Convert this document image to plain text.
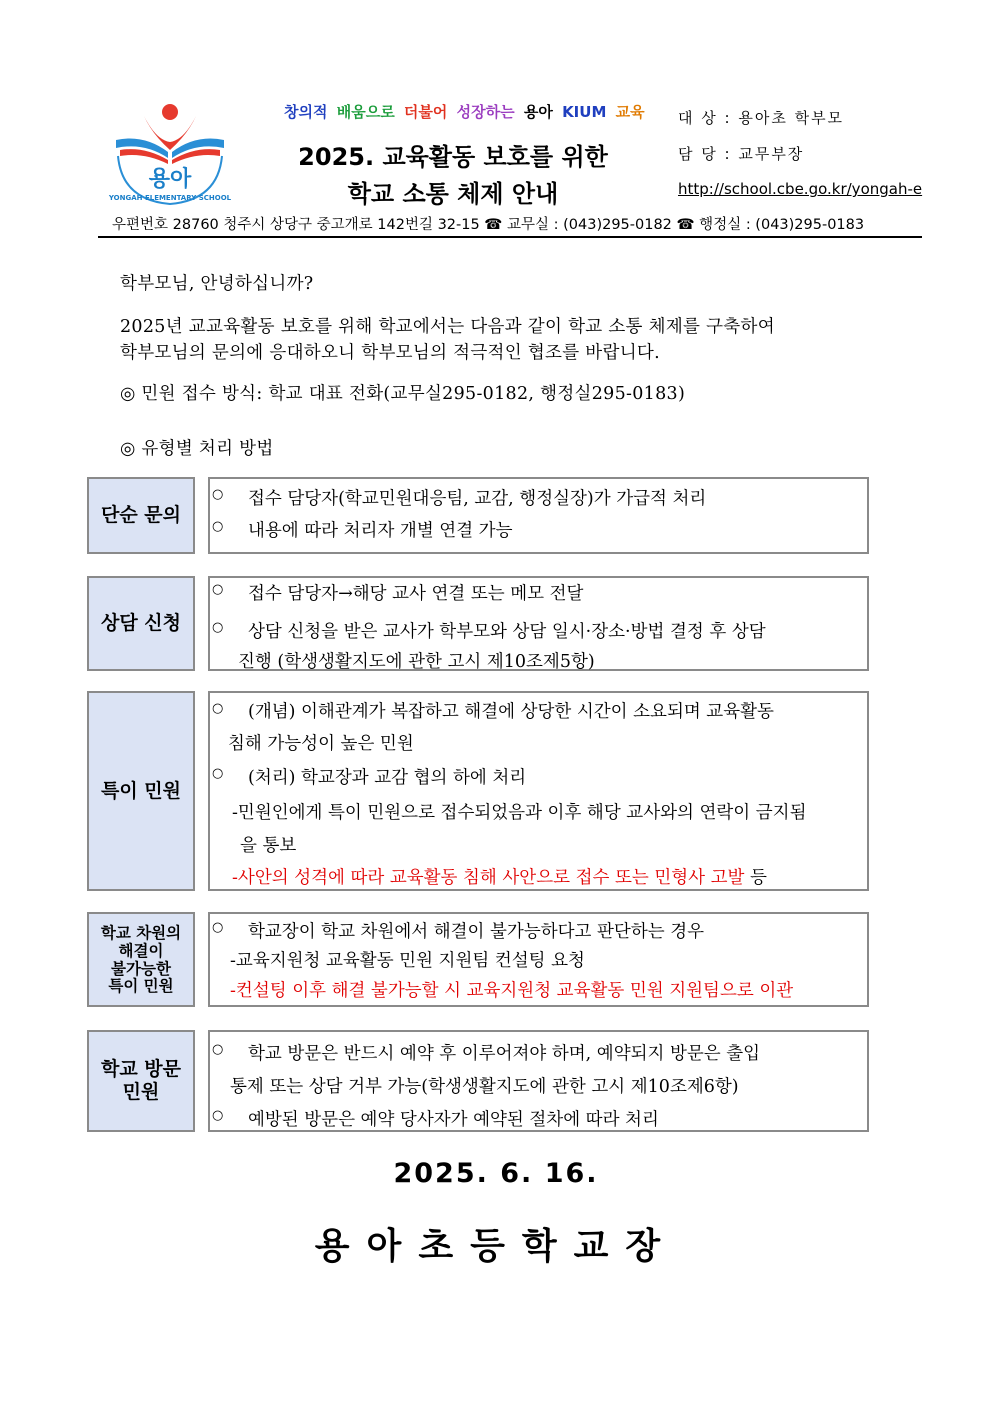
용아
YONGAH ELEMENTARY SCHOOL
창의적 배움으로 더불어 성장하는 용아 KIUM 교육
2025. 교육활동 보호를 위한
학교 소통 체제 안내
대 상 : 용아초 학부모
담 당 : 교무부장
http://school.cbe.go.kr/yongah-e
우편번호 28760 청주시 상당구 중고개로 142번길 32-15 ☎ 교무실 : (043)295-0182 ☎ 행정실 : (043)295-0183
학부모님, 안녕하십니까?
2025년 교교육활동 보호를 위해 학교에서는 다음과 같이 학교 소통 체제를 구축하여
학부모님의 문의에 응대하오니 학부모님의 적극적인 협조를 바랍니다.
◎ 민원 접수 방식: 학교 대표 전화(교무실295-0182, 행정실295-0183)
◎ 유형별 처리 방법
단순 문의
○ 접수 담당자(학교민원대응팀, 교감, 행정실장)가 가급적 처리
○ 내용에 따라 처리자 개별 연결 가능
상담 신청
○ 접수 담당자→해당 교사 연결 또는 메모 전달
○ 상담 신청을 받은 교사가 학부모와 상담 일시·장소·방법 결정 후 상담
진행 (학생생활지도에 관한 고시 제10조제5항)
특이 민원
○ (개념) 이해관계가 복잡하고 해결에 상당한 시간이 소요되며 교육활동
침해 가능성이 높은 민원
○ (처리) 학교장과 교감 협의 하에 처리
-민원인에게 특이 민원으로 접수되었음과 이후 해당 교사와의 연락이 금지됨
을 통보
-사안의 성격에 따라 교육활동 침해 사안으로 접수 또는 민형사 고발 등
학교 차원의
해결이
불가능한
특이 민원
○ 학교장이 학교 차원에서 해결이 불가능하다고 판단하는 경우
-교육지원청 교육활동 민원 지원팀 컨설팅 요청
-컨설팅 이후 해결 불가능할 시 교육지원청 교육활동 민원 지원팀으로 이관
학교 방문
민원
○ 학교 방문은 반드시 예약 후 이루어져야 하며, 예약되지 방문은 출입
통제 또는 상담 거부 가능(학생생활지도에 관한 고시 제10조제6항)
○ 예방된 방문은 예약 당사자가 예약된 절차에 따라 처리
2025. 6. 16.
용아초등학교장
